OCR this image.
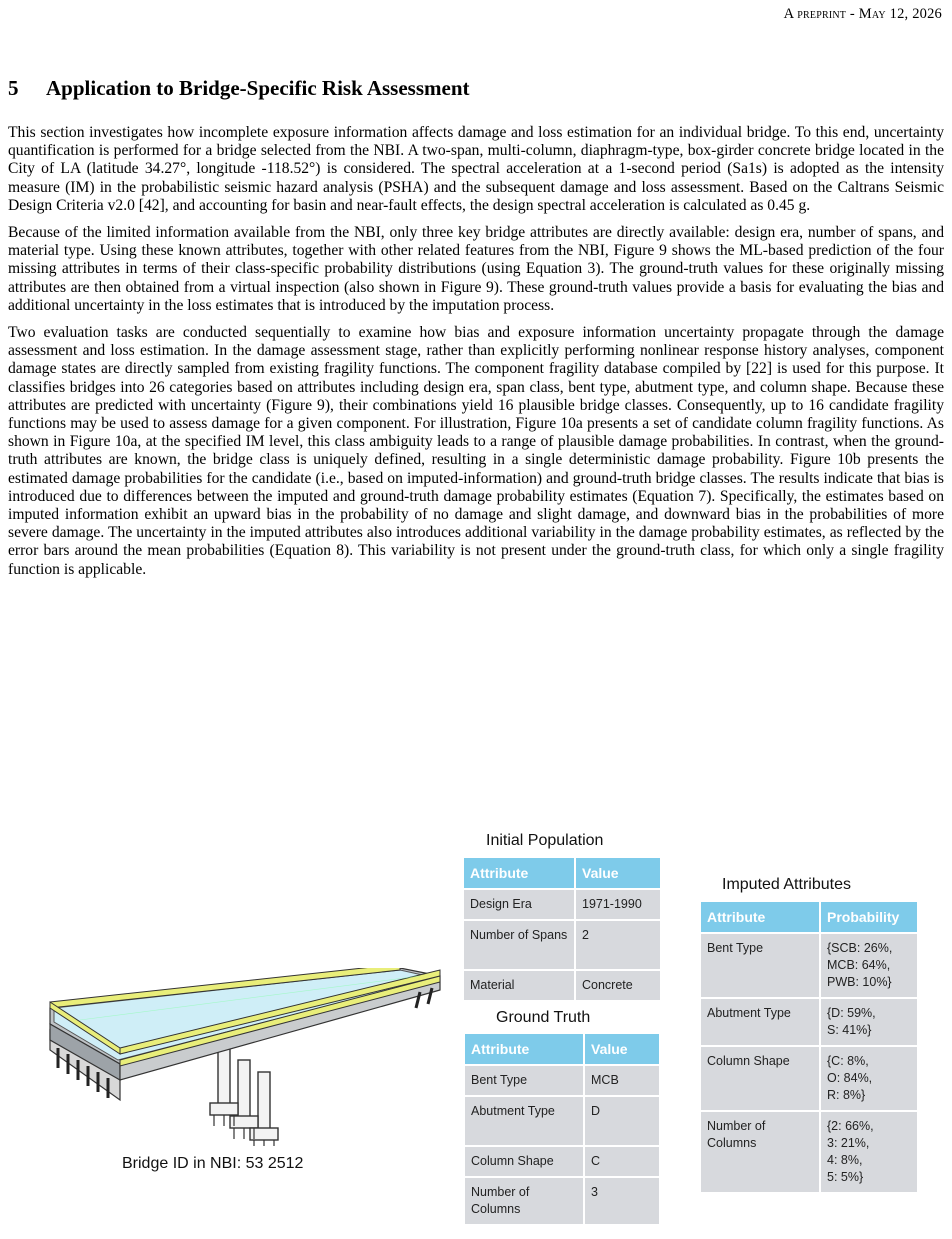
A preprint - May 12, 2026
5 Application to Bridge-Specific Risk Assessment

This section investigates how incomplete exposure information affects damage and loss estimation for an individual bridge. To this end, uncertainty quantification is performed for a bridge selected from the NBI. A two-span, multi-column, diaphragm-type, box-girder concrete bridge located in the City of LA (latitude 34.27°, longitude -118.52°) is considered. The spectral acceleration at a 1-second period (Sa1s) is adopted as the intensity measure (IM) in the probabilistic seismic hazard analysis (PSHA) and the subsequent damage and loss assessment. Based on the Caltrans Seismic Design Criteria v2.0 [42], and accounting for basin and near-fault effects, the design spectral acceleration is calculated as 0.45 g.

Because of the limited information available from the NBI, only three key bridge attributes are directly available: design era, number of spans, and material type. Using these known attributes, together with other related features from the NBI, Figure 9 shows the ML-based prediction of the four missing attributes in terms of their class-specific probability distributions (using Equation 3). The ground-truth values for these originally missing attributes are then obtained from a virtual inspection (also shown in Figure 9). These ground-truth values provide a basis for evaluating the bias and additional uncertainty in the loss estimates that is introduced by the imputation process.

Two evaluation tasks are conducted sequentially to examine how bias and exposure information uncertainty propagate through the damage assessment and loss estimation. In the damage assessment stage, rather than explicitly performing nonlinear response history analyses, component damage states are directly sampled from existing fragility functions. The component fragility database compiled by [22] is used for this purpose. It classifies bridges into 26 categories based on attributes including design era, span class, bent type, abutment type, and column shape. Because these attributes are predicted with uncertainty (Figure 9), their combinations yield 16 plausible bridge classes. Consequently, up to 16 candidate fragility functions may be used to assess damage for a given component. For illustration, Figure 10a presents a set of candidate column fragility functions. As shown in Figure 10a, at the specified IM level, this class ambiguity leads to a range of plausible damage probabilities. In contrast, when the ground-truth attributes are known, the bridge class is uniquely defined, resulting in a single deterministic damage probability. Figure 10b presents the estimated damage probabilities for the candidate (i.e., based on imputed-information) and ground-truth bridge classes. The results indicate that bias is introduced due to differences between the imputed and ground-truth damage probability estimates (Equation 7). Specifically, the estimates based on imputed information exhibit an upward bias in the probability of no damage and slight damage, and downward bias in the probabilities of more severe damage. The uncertainty in the imputed attributes also introduces additional variability in the damage probability estimates, as reflected by the error bars around the mean probabilities (Equation 8). This variability is not present under the ground-truth class, for which only a single fragility function is applicable.

Bridge ID in NBI: 53 2512
Initial Population
Attribute	Value
Design Era	1971-1990
Number of Spans	2
Material	Concrete
Ground Truth
Attribute	Value
Bent Type	MCB
Abutment Type	D
Column Shape	C
Number of Columns	3
Imputed Attributes
Attribute	Probability
Bent Type	{SCB: 26%,
MCB: 64%,
PWB: 10%}
Abutment Type	{D: 59%,
S: 41%}
Column Shape	{C: 8%,
O: 84%,
R: 8%}
Number of Columns	{2: 66%,
3: 21%,
4: 8%,
5: 5%}
